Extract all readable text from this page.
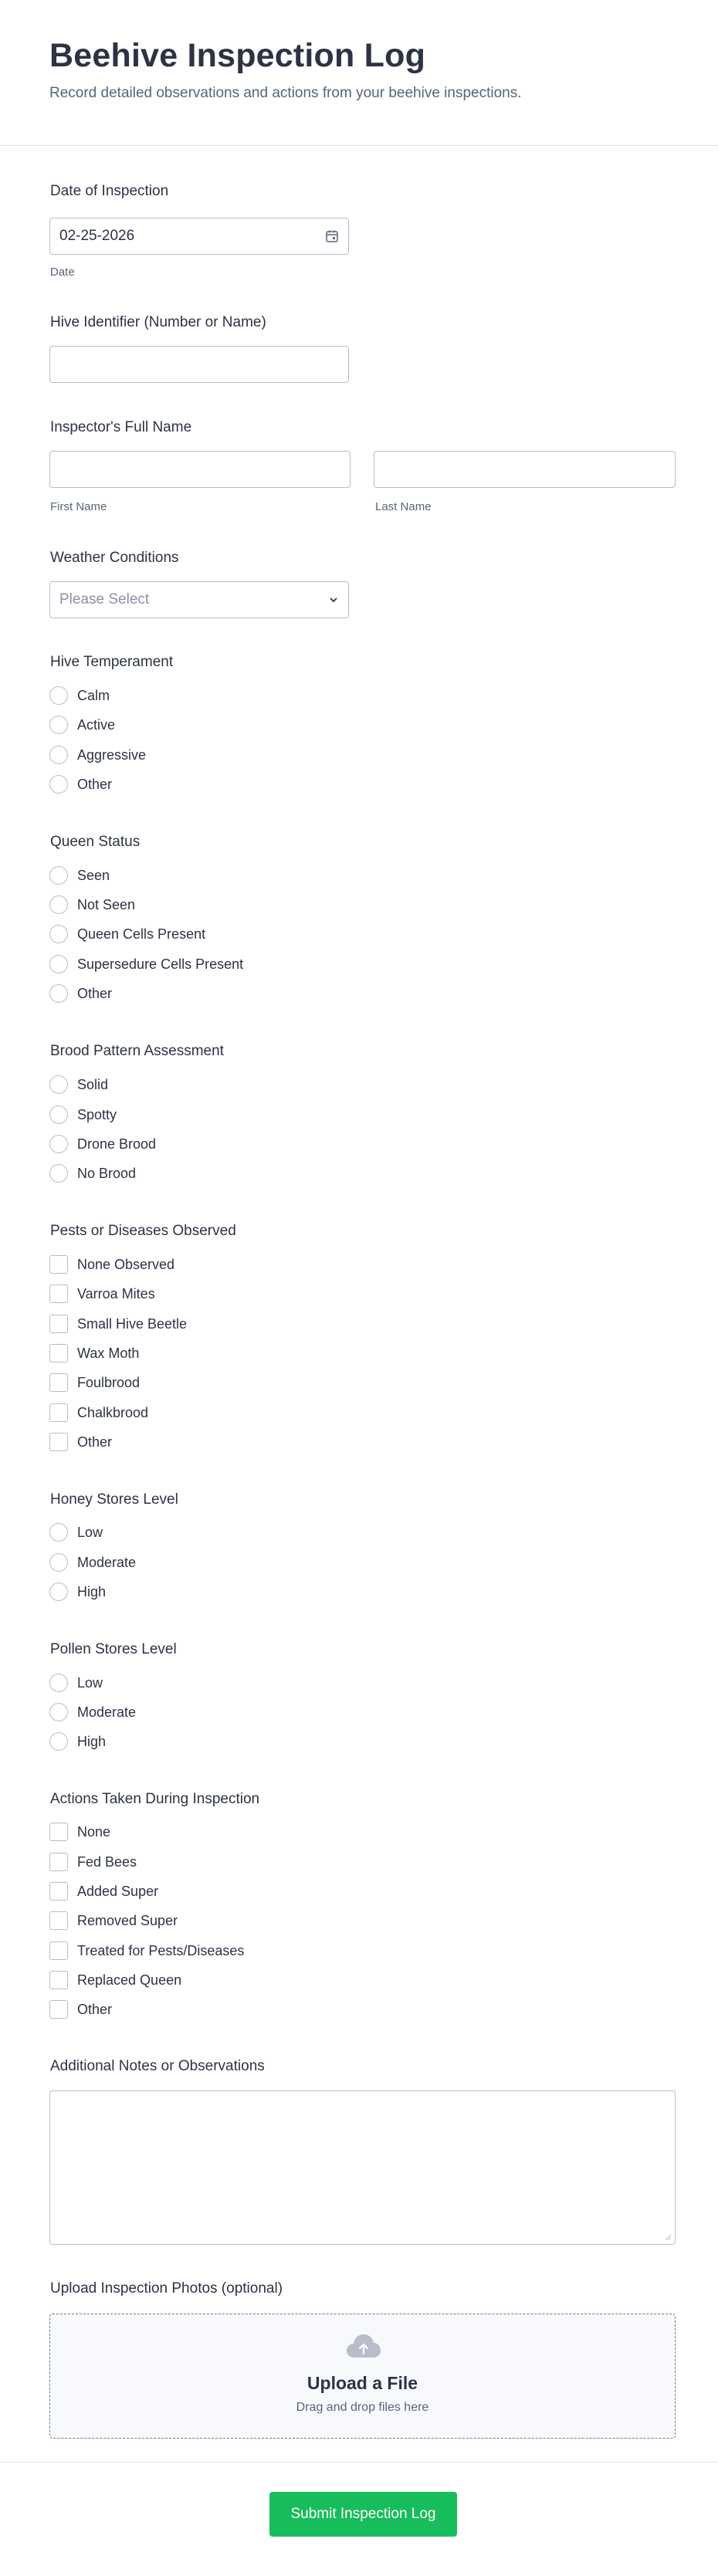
Beehive Inspection Log

Record detailed observations and actions from your beehive inspections.

Date of Inspection
02-25-2026
Date
Hive Identifier (Number or Name)
Inspector's Full Name
First Name	Last Name
Weather Conditions
Please Select
Hive Temperament
Calm
Active
Aggressive
Other
Queen Status
Seen
Not Seen
Queen Cells Present
Supersedure Cells Present
Other
Brood Pattern Assessment
Solid
Spotty
Drone Brood
No Brood
Pests or Diseases Observed
None Observed
Varroa Mites
Small Hive Beetle
Wax Moth
Foulbrood
Chalkbrood
Other
Honey Stores Level
Low
Moderate
High
Pollen Stores Level
Low
Moderate
High
Actions Taken During Inspection
None
Fed Bees
Added Super
Removed Super
Treated for Pests/Diseases
Replaced Queen
Other
Additional Notes or Observations
Upload Inspection Photos (optional)
Upload a File
Drag and drop files here
Submit Inspection Log
